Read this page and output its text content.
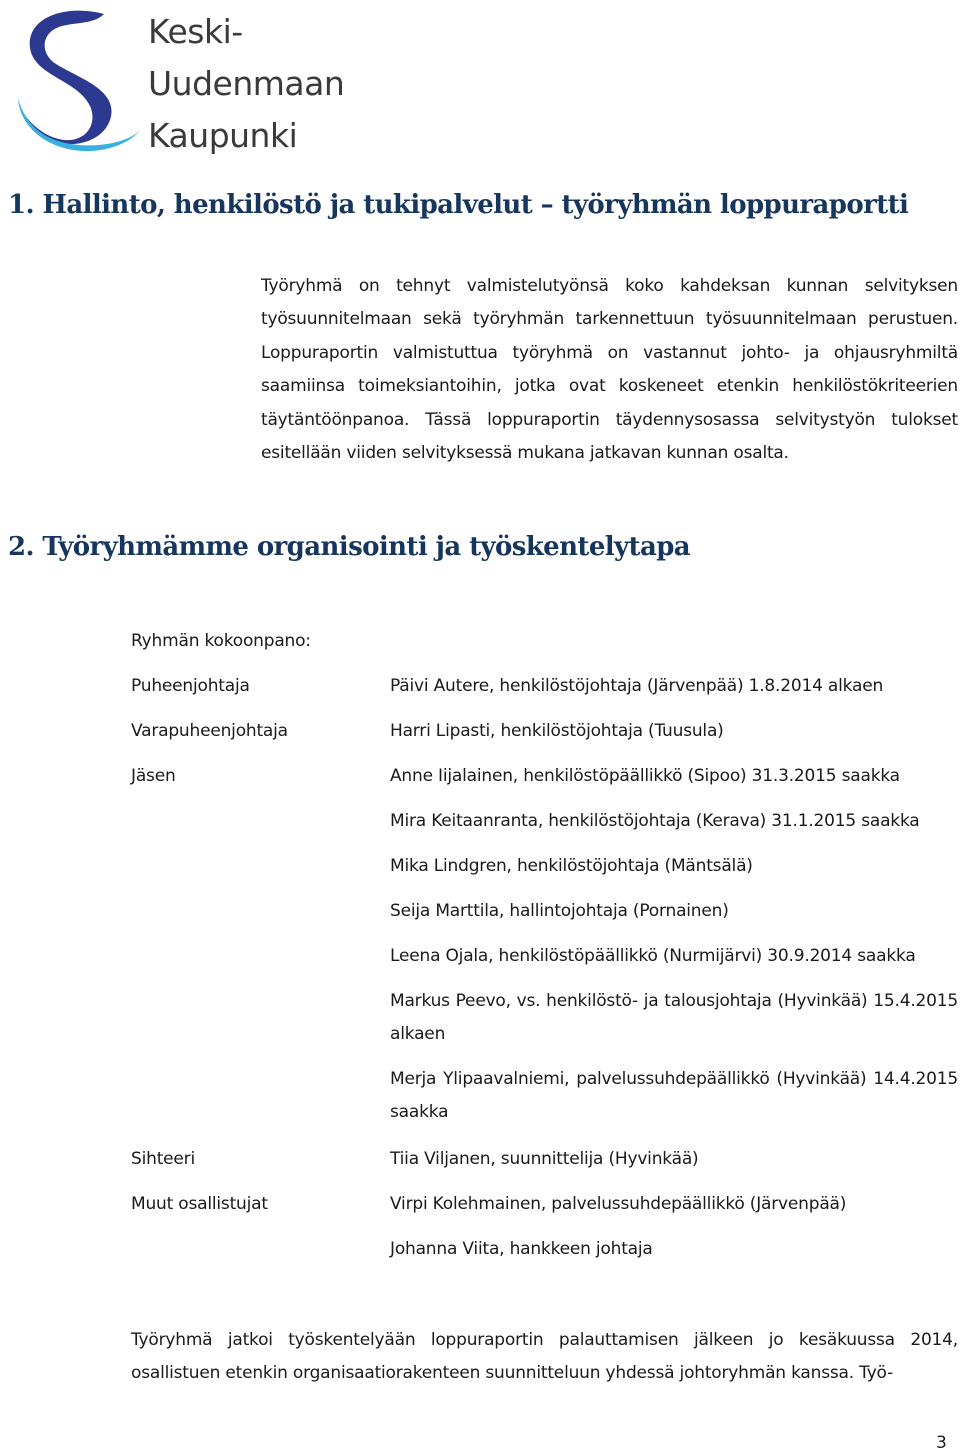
Keski-
Uudenmaan
Kaupunki
1. Hallinto, henkilöstö ja tukipalvelut – työryhmän loppuraportti

Työryhmä on tehnyt valmistelutyönsä koko kahdeksan kunnan selvityksen työsuunnitelmaan sekä työryhmän tarkennettuun työsuunnitelmaan perustuen. Loppuraportin valmistuttua työryhmä on vastannut johto- ja ohjausryhmiltä saamiinsa toimeksiantoihin, jotka ovat koskeneet etenkin henkilöstökriteerien täytäntöönpanoa. Tässä loppuraportin täydennysosassa selvitystyön tulokset esitellään viiden selvityksessä mukana jatkavan kunnan osalta.

2. Työryhmämme organisointi ja työskentelytapa
Ryhmän kokoonpano:
Puheenjohtaja	Päivi Autere, henkilöstöjohtaja (Järvenpää) 1.8.2014 alkaen
Varapuheenjohtaja	Harri Lipasti, henkilöstöjohtaja (Tuusula)
Jäsen	Anne Iijalainen, henkilöstöpäällikkö (Sipoo) 31.3.2015 saakka
Mira Keitaanranta, henkilöstöjohtaja (Kerava) 31.1.2015 saakka
Mika Lindgren, henkilöstöjohtaja (Mäntsälä)
Seija Marttila, hallintojohtaja (Pornainen)
Leena Ojala, henkilöstöpäällikkö (Nurmijärvi) 30.9.2014 saakka
Markus Peevo, vs. henkilöstö- ja talousjohtaja (Hyvinkää) 15.4.2015 alkaen
Merja Ylipaavalniemi, palvelussuhdepäällikkö (Hyvinkää) 14.4.2015 saakka
Sihteeri	Tiia Viljanen, suunnittelija (Hyvinkää)
Muut osallistujat	Virpi Kolehmainen, palvelussuhdepäällikkö (Järvenpää)
Johanna Viita, hankkeen johtaja

Työryhmä jatkoi työskentelyään loppuraportin palauttamisen jälkeen jo kesäkuussa 2014, osallistuen etenkin organisaatiorakenteen suunnitteluun yhdessä johtoryhmän kanssa. Työ-

3
